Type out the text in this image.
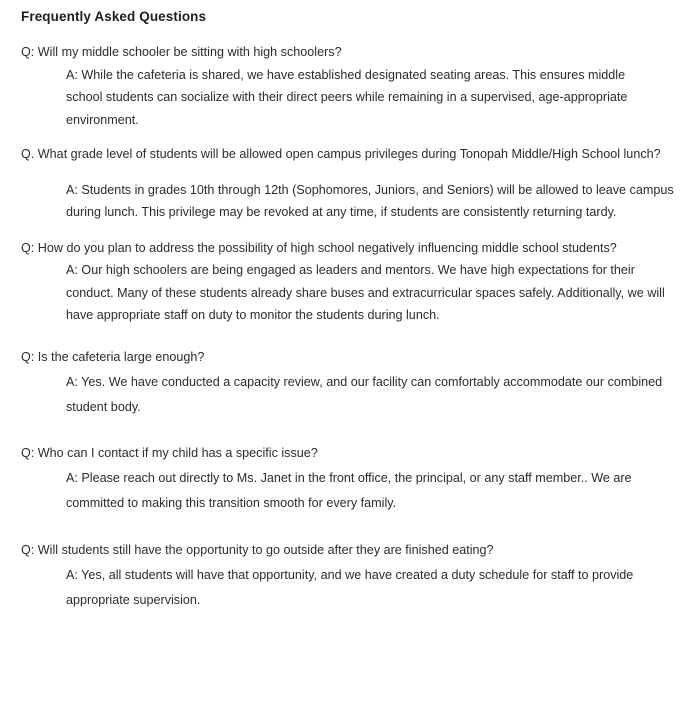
Frequently Asked Questions

Q: Will my middle schooler be sitting with high schoolers?

A: While the cafeteria is shared, we have established designated seating areas. This ensures middle school students can socialize with their direct peers while remaining in a supervised, age-appropriate environment.

Q. What grade level of students will be allowed open campus privileges during Tonopah Middle/High School lunch?

A: Students in grades 10th through 12th (Sophomores, Juniors, and Seniors) will be allowed to leave campus during lunch. This privilege may be revoked at any time, if students are consistently returning tardy.

Q: How do you plan to address the possibility of high school negatively influencing middle school students?

A: Our high schoolers are being engaged as leaders and mentors. We have high expectations for their conduct. Many of these students already share buses and extracurricular spaces safely. Additionally, we will have appropriate staff on duty to monitor the students during lunch.

Q: Is the cafeteria large enough?

A: Yes. We have conducted a capacity review, and our facility can comfortably accommodate our combined student body.

Q: Who can I contact if my child has a specific issue?

A: Please reach out directly to Ms. Janet in the front office, the principal, or any staff member.. We are committed to making this transition smooth for every family.

Q: Will students still have the opportunity to go outside after they are finished eating?

A: Yes, all students will have that opportunity, and we have created a duty schedule for staff to provide appropriate supervision.
